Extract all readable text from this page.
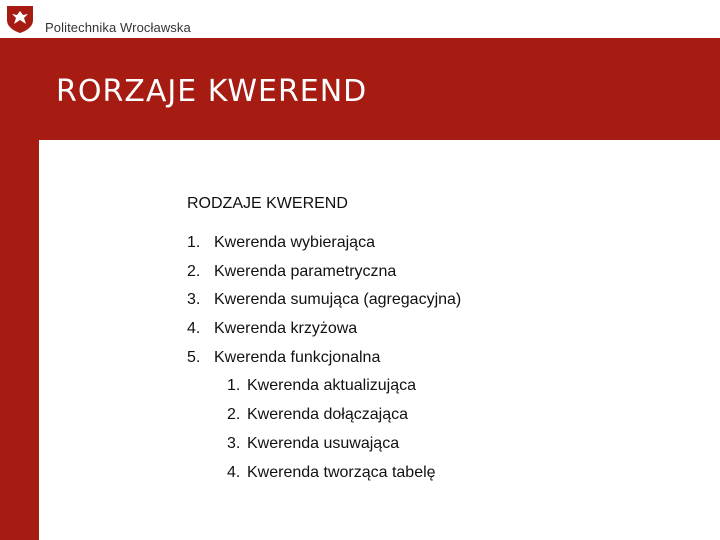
Politechnika Wrocławska
RORZAJE KWEREND
RODZAJE KWEREND
1. Kwerenda wybierająca
2. Kwerenda parametryczna
3. Kwerenda sumująca (agregacyjna)
4. Kwerenda krzyżowa
5. Kwerenda funkcjonalna
1. Kwerenda aktualizująca
2. Kwerenda dołączająca
3. Kwerenda usuwająca
4. Kwerenda tworząca tabelę
